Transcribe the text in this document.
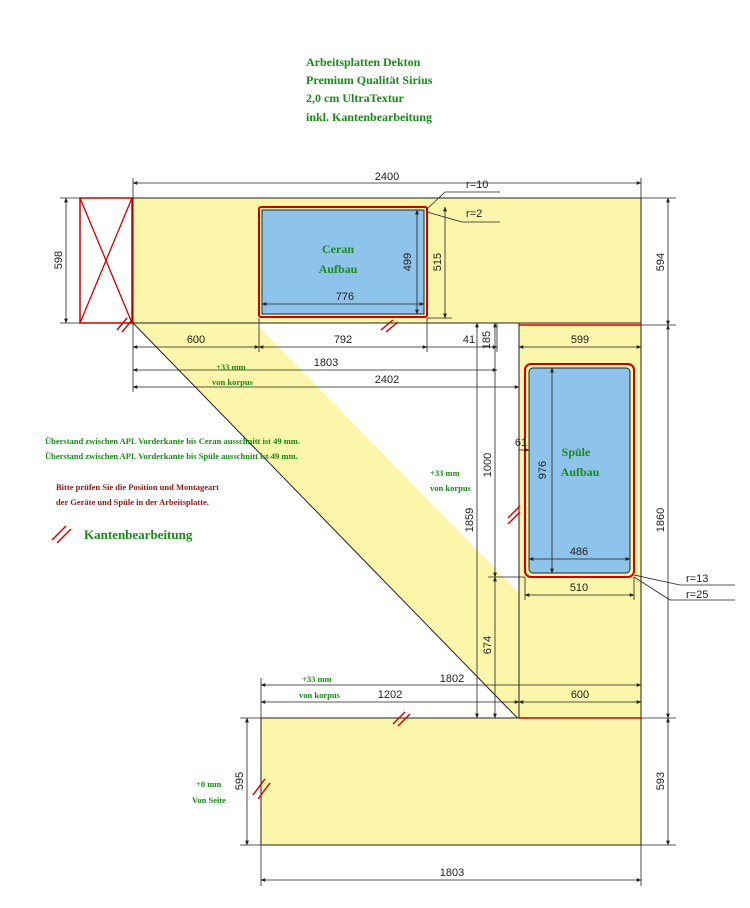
Ceran
Aufbau
Spüle
Aufbau
Arbeitsplatten Dekton
Premium Qualität Sirius
2,0 cm UltraTextur
inkl. Kantenbearbeitung
Überstand zwischen APL Vorderkante bis Ceran ausschnitt ist 49 mm.
Überstand zwischen APL Vorderkante bis Spüle ausschnitt ist 49 mm.
Bitte prüfen Sie die Position und Montageart
der Geräte und Spüle in der Arbeitsplatte.
Kantenbearbeitung
2400
598	594
776
499 515
600	792	41 185	599
1803
2402
61
976
486
510
1000
1859	1860
674
1802
1202	600
595	593
1803
r=10
r=2
r=13
r=25
+33 mm
von korpus
+33 mm
von korpus
+33 mm
von korpus
+0 mm
Von Seite
